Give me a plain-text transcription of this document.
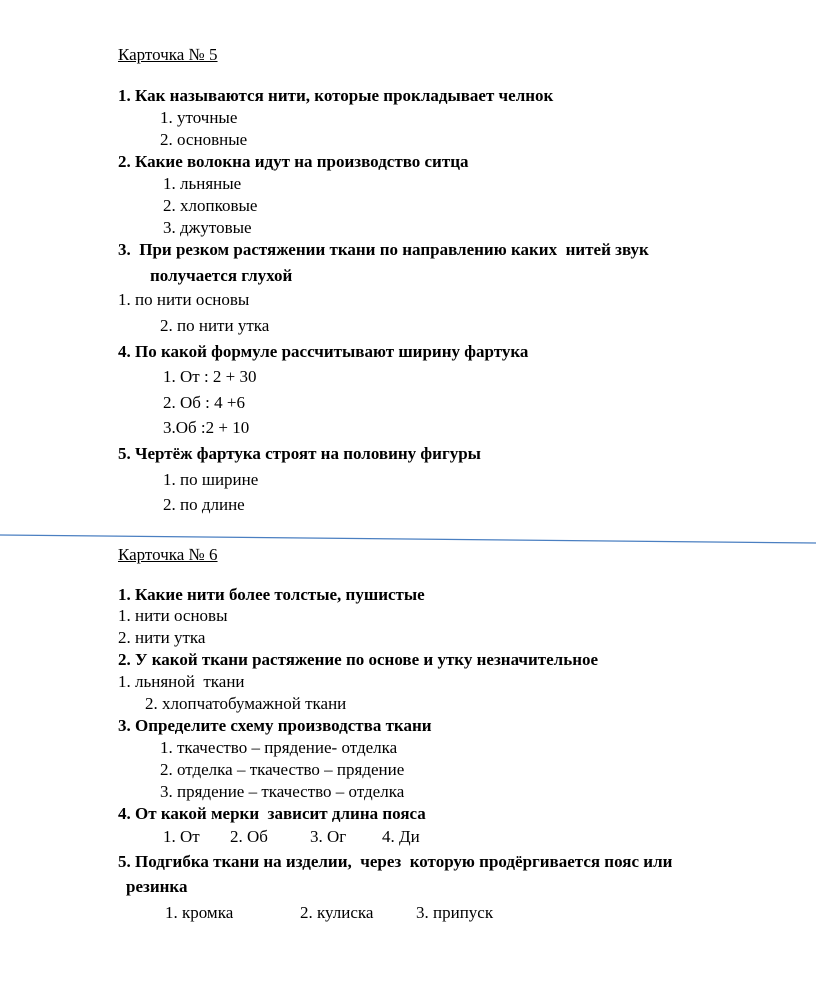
Карточка № 5
1. Как называются нити, которые прокладывает челнок
1. уточные
2. основные
2. Какие волокна идут на производство ситца
1. льняные
2. хлопковые
3. джутовые
3.  При резком растяжении ткани по направлению каких  нитей звук
получается глухой
1. по нити основы
2. по нити утка
4. По какой формуле рассчитывают ширину фартука
1. От : 2 + 30
2. Об : 4 +6
3.Об :2 + 10
5. Чертёж фартука строят на половину фигуры
1. по ширине
2. по длине
Карточка № 6
1. Какие нити более толстые, пушистые
1. нити основы
2. нити утка
2. У какой ткани растяжение по основе и утку незначительное
1. льняной  ткани
2. хлопчатобумажной ткани
3. Определите схему производства ткани
1. ткачество – прядение- отделка
2. отделка – ткачество – прядение
3. прядение – ткачество – отделка
4. От какой мерки  зависит длина пояса
1. От 2. Об 3. Ог 4. Ди
5. Подгибка ткани на изделии,  через  которую продёргивается пояс или
резинка
1. кромка	2. кулиска	3. припуск
